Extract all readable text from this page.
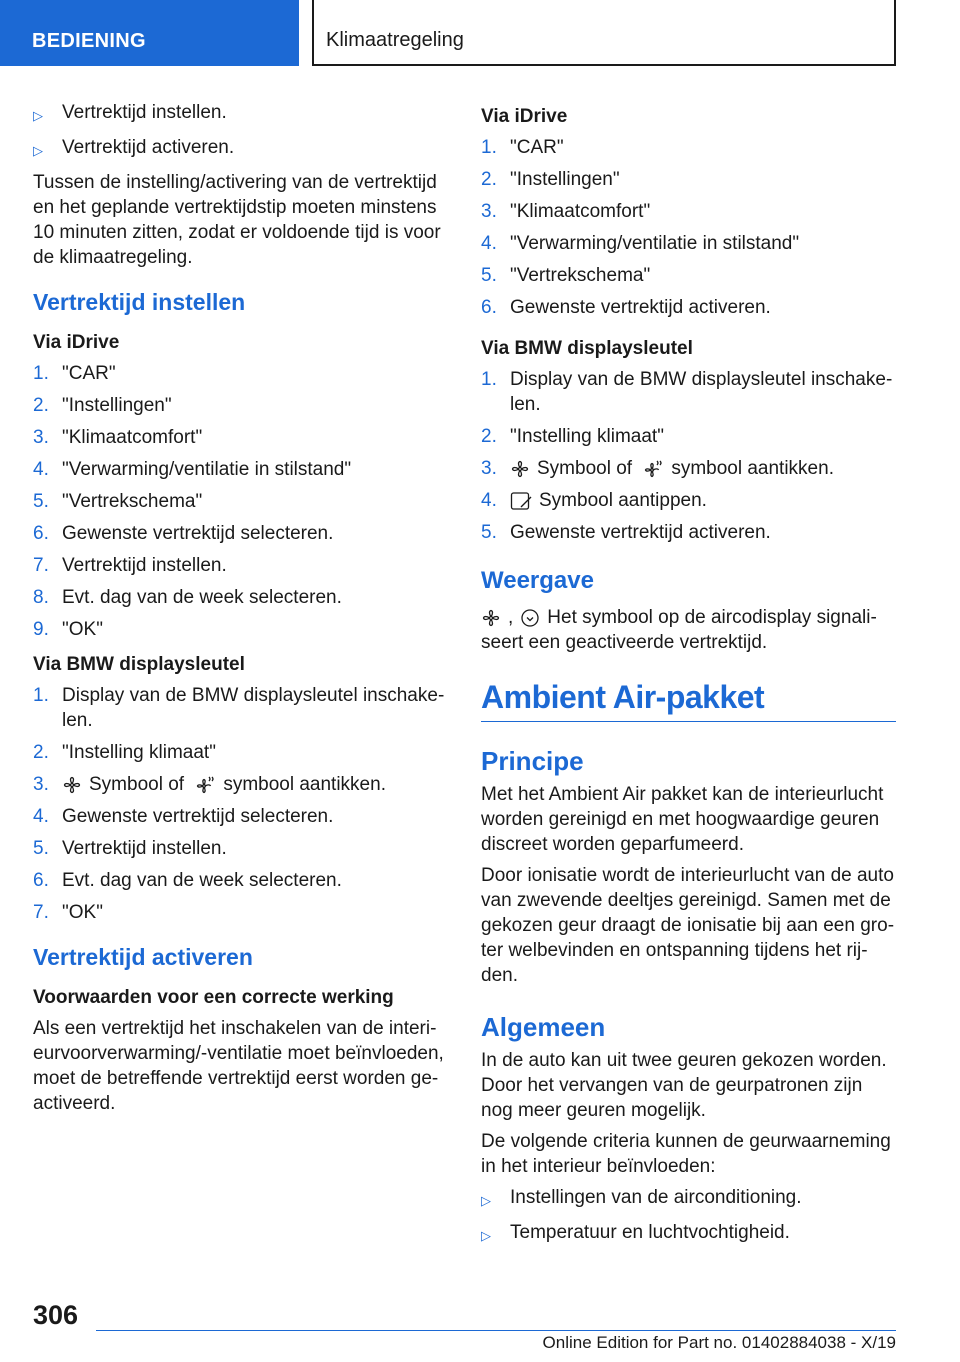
BEDIENING	Klimaatregeling
▷	Vertrektijd instellen.
▷	Vertrektijd activeren.

Tussen de instelling/activering van de vertrektijd en het geplande vertrektijdstip moeten minstens 10 minuten zitten, zodat er voldoende tijd is voor de klimaatregeling.

Vertrektijd instellen
Via iDrive
1. "CAR"
2. "Instellingen"
3. "Klimaatcomfort"
4. "Verwarming/ventilatie in stilstand"
5. "Vertrekschema"
6. Gewenste vertrektijd selecteren.
7. Vertrektijd instellen.
8. Evt. dag van de week selecteren.
9. "OK"
Via BMW displaysleutel
1. Display van de BMW displaysleutel inschakelen.
2. "Instelling klimaat"
3.	Symbool of symbool aantikken.
4. Gewenste vertrektijd selecteren.
5. Vertrektijd instellen.
6. Evt. dag van de week selecteren.
7. "OK"
Vertrektijd activeren
Voorwaarden voor een correcte werking

Als een vertrektijd het inschakelen van de interieurvoorverwarming/-ventilatie moet beïnvloeden, moet de betreffende vertrektijd eerst worden geactiveerd.

Via iDrive
1. "CAR"
2. "Instellingen"
3. "Klimaatcomfort"
4. "Verwarming/ventilatie in stilstand"
5. "Vertrekschema"
6. Gewenste vertrektijd activeren.
Via BMW displaysleutel
1. Display van de BMW displaysleutel inschakelen.
2. "Instelling klimaat"
3.	Symbool of symbool aantikken.
4.	Symbool aantippen.
5. Gewenste vertrektijd activeren.
Weergave

, Het symbool op de aircodisplay signaliseert een geactiveerde vertrektijd.

Ambient Air-pakket
Principe

Met het Ambient Air pakket kan de interieurlucht worden gereinigd en met hoogwaardige geuren discreet worden geparfumeerd.

Door ionisatie wordt de interieurlucht van de auto van zwevende deeltjes gereinigd. Samen met de gekozen geur draagt de ionisatie bij aan een groter welbevinden en ontspanning tijdens het rijden.

Algemeen

In de auto kan uit twee geuren gekozen worden. Door het vervangen van de geurpatronen zijn nog meer geuren mogelijk.

De volgende criteria kunnen de geurwaarneming in het interieur beïnvloeden:

▷	Instellingen van de airconditioning.
▷	Temperatuur en luchtvochtigheid.
306
Online Edition for Part no. 01402884038 - X/19
